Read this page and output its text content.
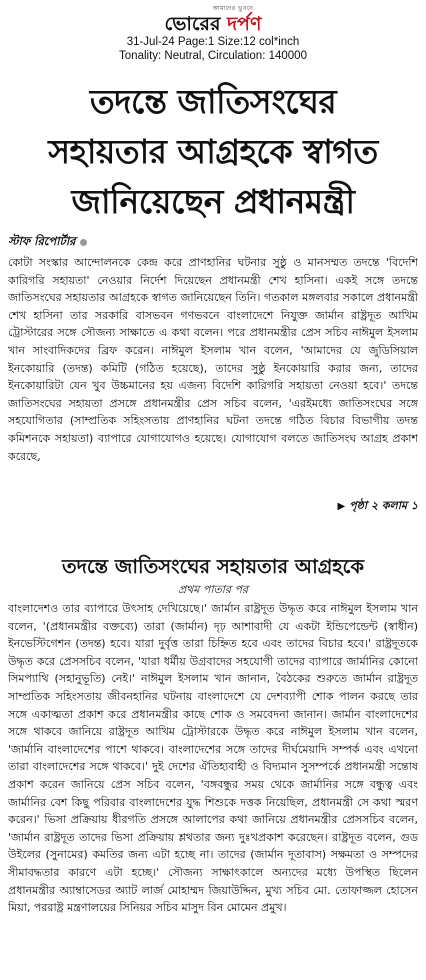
আমাদের ভুবনে
ভোরের দর্পণ
31-Jul-24 Page:1 Size:12 col*inch
Tonality: Neutral, Circulation: 140000
তদন্তে জাতিসংঘের
সহায়তার আগ্রহকে স্বাগত
জানিয়েছেন প্রধানমন্ত্রী
স্টাফ রিপোর্টার

কোটা সংস্কার আন্দোলনকে কেন্দ্র করে প্রাণহানির ঘটনার সুষ্ঠু ও মানসম্মত তদন্তে 'বিদেশি কারিগরি সহায়তা' নেওয়ার নির্দেশ দিয়েছেন প্রধানমন্ত্রী শেখ হাসিনা। একই সঙ্গে তদন্তে জাতিসংঘের সহায়তার আগ্রহকে স্বাগত জানিয়েছেন তিনি। গতকাল মঙ্গলবার সকালে প্রধানমন্ত্রী শেখ হাসিনা তার সরকারি বাসভবন গণভবনে বাংলাদেশে নিযুক্ত জার্মান রাষ্ট্রদূত আখিম ট্রোস্টারের সঙ্গে সৌজন্য সাক্ষাতে এ কথা বলেন। পরে প্রধানমন্ত্রীর প্রেস সচিব নাঈমুল ইসলাম খান সাংবাদিকদের ব্রিফ করেন। নাঈমুল ইসলাম খান বলেন, 'আমাদের যে জুডিসিয়াল ইনকোয়ারি (তদন্ত) কমিটি (গঠিত হয়েছে), তাদের সুষ্ঠু ইনকোয়ারি করার জন্য, তাদের ইনকোয়ারিটা যেন খুব উচ্চমানের হয় এজন্য বিদেশি কারিগরি সহায়তা নেওয়া হবে।' তদন্তে জাতিসংঘের সহায়তা প্রসঙ্গে প্রধানমন্ত্রীর প্রেস সচিব বলেন, 'এরইমধ্যে জাতিসংঘের সঙ্গে সহযোগিতার (সাম্প্রতিক সহিংসতায় প্রাণহানির ঘটনা তদন্তে গঠিত বিচার বিভাগীয় তদন্ত কমিশনকে সহায়তা) ব্যাপারে যোগাযোগও হয়েছে। যোগাযোগ বলতে জাতিসংঘ আগ্রহ প্রকাশ করেছে,

▶ পৃষ্ঠা ২ কলাম ১
তদন্তে জাতিসংঘের সহায়তার আগ্রহকে
প্রথম পাতার পর

বাংলাদেশও তার ব্যাপারে উৎসাহ দেখিয়েছে।' জার্মান রাষ্ট্রদূত উদ্ধৃত করে নাঈমুল ইসলাম খান বলেন, '(প্রধানমন্ত্রীর বক্তব্যে) তারা (জার্মান) দৃঢ় আশাবাদী যে একটা ইন্ডিপেন্ডেন্ট (স্বাধীন) ইনভেস্টিগেশন (তদন্ত) হবে। যারা দুর্বৃত্ত তারা চিহ্নিত হবে এবং তাদের বিচার হবে।' রাষ্ট্রদূতকে উদ্ধৃত করে প্রেসসচিব বলেন, 'যারা ধর্মীয় উগ্রবাদের সহযোগী তাদের ব্যাপারে জার্মানির কোনো সিমপ্যাথি (সহানুভূতি) নেই।' নাঈমুল ইসলাম খান জানান, বৈঠকের শুরুতে জার্মান রাষ্ট্রদূত সাম্প্রতিক সহিংসতায় জীবনহানির ঘটনায় বাংলাদেশে যে দেশব্যাপী শোক পালন করছে তার সঙ্গে একাত্মতা প্রকাশ করে প্রধানমন্ত্রীর কাছে শোক ও সমবেদনা জানান। জার্মান বাংলাদেশের সঙ্গে থাকবে জানিয়ে রাষ্ট্রদূত আখিম ট্রোস্টারকে উদ্ধৃত করে নাঈমুল ইসলাম খান বলেন, 'জার্মানি বাংলাদেশের পাশে থাকবে। বাংলাদেশের সঙ্গে তাদের দীর্ঘমেয়াদি সম্পর্ক এবং এখনো তারা বাংলাদেশের সঙ্গে থাকবে।' দুই দেশের ঐতিহ্যবাহী ও বিদ্যমান সুসম্পর্কে প্রধানমন্ত্রী সন্তোষ প্রকাশ করেন জানিয়ে প্রেস সচিব বলেন, 'বঙ্গবন্ধুর সময় থেকে জার্মানির সঙ্গে বন্ধুত্ব এবং জার্মানির বেশ কিছু পরিবার বাংলাদেশের যুদ্ধ শিশুকে দত্তক নিয়েছিল, প্রধানমন্ত্রী সে কথা স্মরণ করেন।' ভিসা প্রক্রিয়ায় ধীরগতি প্রসঙ্গে আলাপের কথা জানিয়ে প্রধানমন্ত্রীর প্রেসসচিব বলেন, 'জার্মান রাষ্ট্রদূত তাদের ভিসা প্রক্রিয়ায় শ্লথতার জন্য দুঃখপ্রকাশ করেছেন। রাষ্ট্রদূত বলেন, গুড উইলের (সুনামের) কমতির জন্য এটা হচ্ছে না। তাদের (জার্মান দূতাবাস) সক্ষমতা ও সম্পদের সীমাবদ্ধতার কারণে এটা হচ্ছে।' সৌজন্য সাক্ষাৎকালে অন্যদের মধ্যে উপস্থিত ছিলেন প্রধানমন্ত্রীর অ্যাম্বাসেডর অ্যাট লার্জ মোহাম্মদ জিয়াউদ্দিন, মুখ্য সচিব মো. তোফাজ্জল হোসেন মিয়া, পররাষ্ট্র মন্ত্রণালয়ের সিনিয়র সচিব মাসুদ বিন মোমেন প্রমুখ।
